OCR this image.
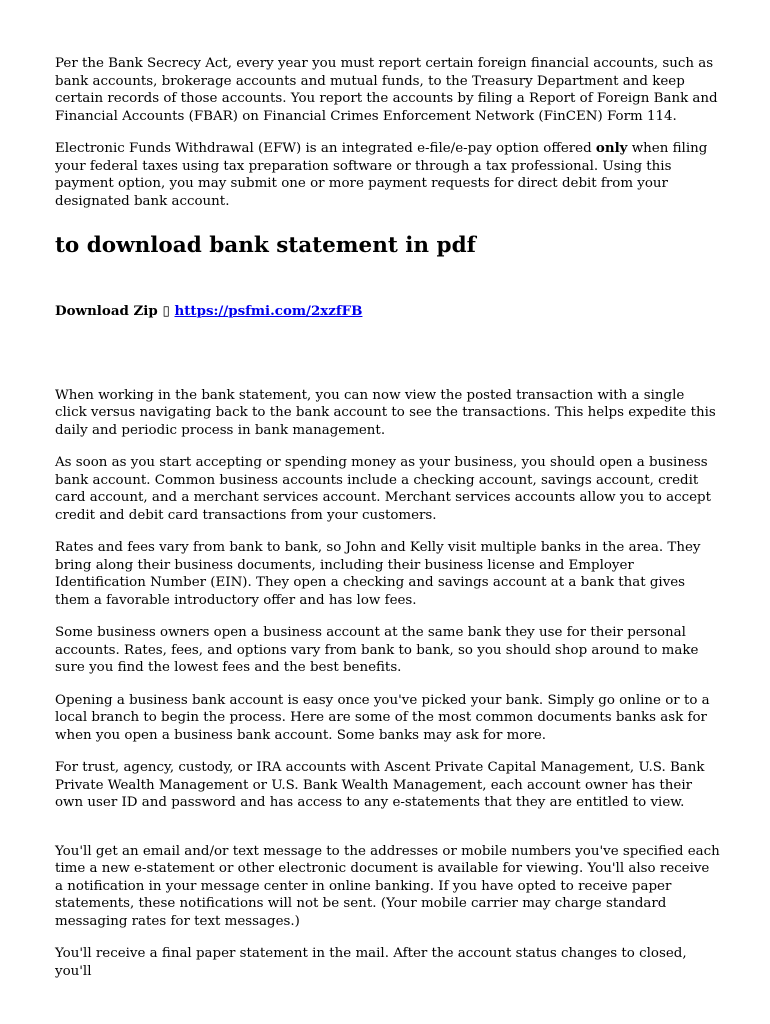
Per the Bank Secrecy Act, every year you must report certain foreign financial accounts, such as bank accounts, brokerage accounts and mutual funds, to the Treasury Department and keep certain records of those accounts. You report the accounts by filing a Report of Foreign Bank and Financial Accounts (FBAR) on Financial Crimes Enforcement Network (FinCEN) Form 114.

Electronic Funds Withdrawal (EFW) is an integrated e-file/e-pay option offered only when filing your federal taxes using tax preparation software or through a tax professional. Using this payment option, you may submit one or more payment requests for direct debit from your designated bank account.

to download bank statement in pdf

Download Zip ▯ https://psfmi.com/2xzfFB

When working in the bank statement, you can now view the posted transaction with a single click versus navigating back to the bank account to see the transactions. This helps expedite this daily and periodic process in bank management.

As soon as you start accepting or spending money as your business, you should open a business bank account. Common business accounts include a checking account, savings account, credit card account, and a merchant services account. Merchant services accounts allow you to accept credit and debit card transactions from your customers.

Rates and fees vary from bank to bank, so John and Kelly visit multiple banks in the area. They bring along their business documents, including their business license and Employer Identification Number (EIN). They open a checking and savings account at a bank that gives them a favorable introductory offer and has low fees.

Some business owners open a business account at the same bank they use for their personal accounts. Rates, fees, and options vary from bank to bank, so you should shop around to make sure you find the lowest fees and the best benefits.

Opening a business bank account is easy once you've picked your bank. Simply go online or to a local branch to begin the process. Here are some of the most common documents banks ask for when you open a business bank account. Some banks may ask for more.

For trust, agency, custody, or IRA accounts with Ascent Private Capital Management, U.S. Bank Private Wealth Management or U.S. Bank Wealth Management, each account owner has their own user ID and password and has access to any e-statements that they are entitled to view.

You'll get an email and/or text message to the addresses or mobile numbers you've specified each time a new e-statement or other electronic document is available for viewing. You'll also receive a notification in your message center in online banking. If you have opted to receive paper statements, these notifications will not be sent. (Your mobile carrier may charge standard messaging rates for text messages.)

You'll receive a final paper statement in the mail. After the account status changes to closed, you'll
